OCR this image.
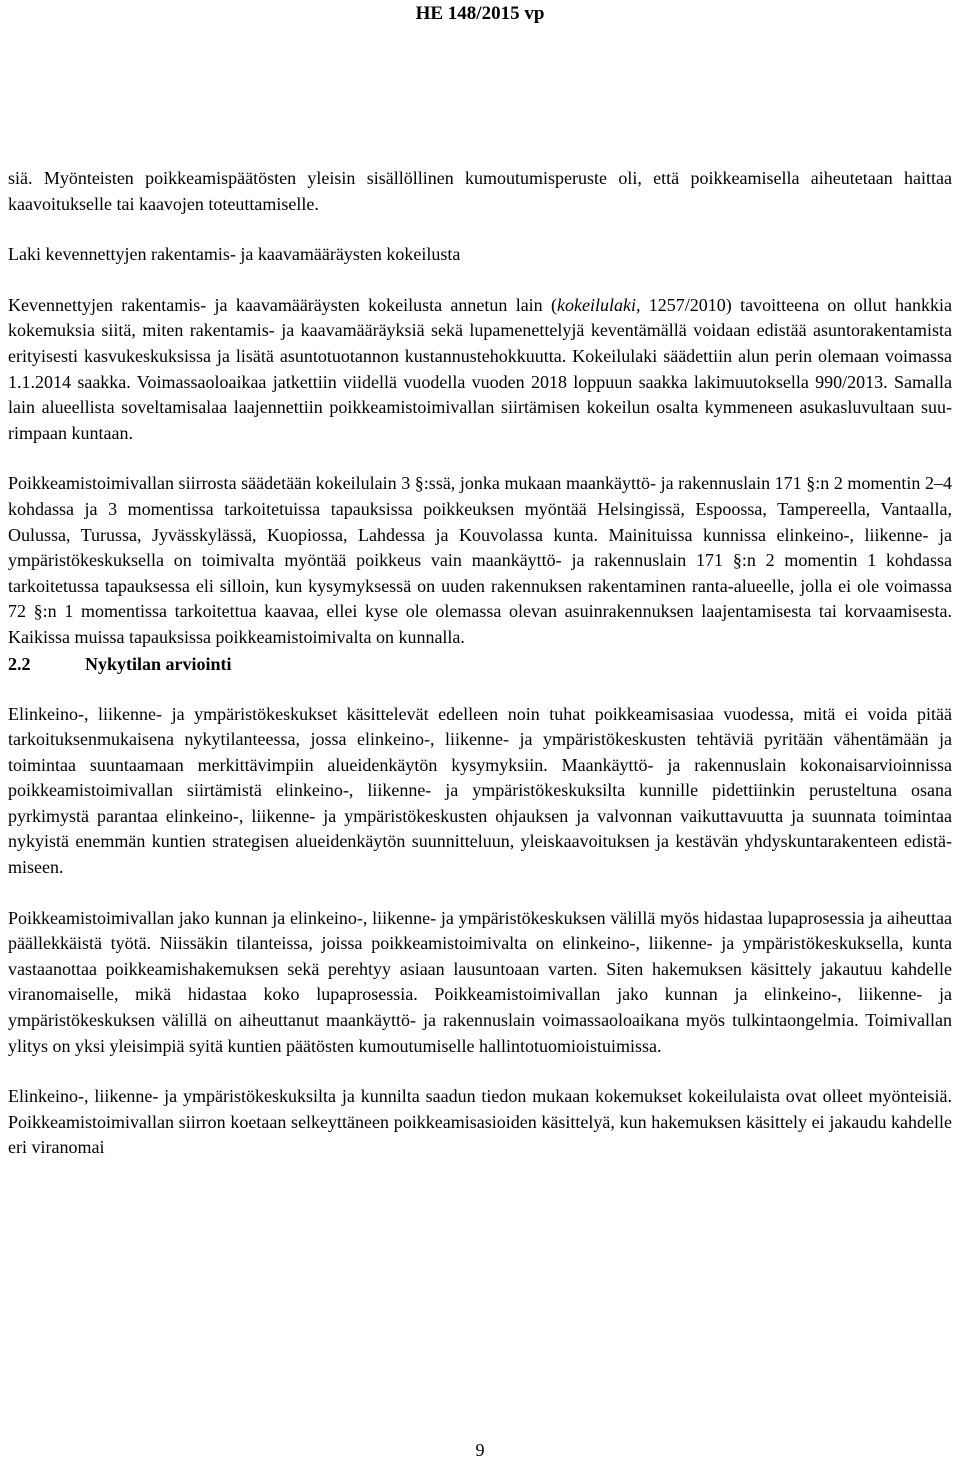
HE 148/2015 vp

siä. Myönteisten poikkeamispäätösten yleisin sisällöllinen kumoutumisperuste oli, että poikkeamisella aiheutetaan haittaa kaavoitukselle tai kaavojen toteuttamiselle.

Laki kevennettyjen rakentamis- ja kaavamääräysten kokeilusta

Kevennettyjen rakentamis- ja kaavamääräysten kokeilusta annetun lain (kokeilulaki, 1257/2010) tavoitteena on ollut hankkia kokemuksia siitä, miten rakentamis- ja kaavamääräyksiä sekä lupamenettelyjä keventämällä voidaan edistää asuntorakentamista erityisesti kasvukeskuksissa ja lisätä asuntotuotannon kustannustehokkuutta. Kokeilulaki säädettiin alun perin olemaan voimassa 1.1.2014 saakka. Voimassaoloaikaa jatkettiin viidellä vuodella vuoden 2018 loppuun saakka lakimuutoksella 990/2013. Samalla lain alueellista soveltamisalaa laajennettiin poikkeamistoimivallan siirtämisen kokeilun osalta kymmeneen asukasluvultaan suurimpaan kuntaan.

Poikkeamistoimivallan siirrosta säädetään kokeilulain 3 §:ssä, jonka mukaan maankäyttö- ja rakennuslain 171 §:n 2 momentin 2–4 kohdassa ja 3 momentissa tarkoitetuissa tapauksissa poikkeuksen myöntää Helsingissä, Espoossa, Tampereella, Vantaalla, Oulussa, Turussa, Jyvässkylässä, Kuopiossa, Lahdessa ja Kouvolassa kunta. Mainituissa kunnissa elinkeino-, liikenne- ja ympäristökeskuksella on toimivalta myöntää poikkeus vain maankäyttö- ja rakennuslain 171 §:n 2 momentin 1 kohdassa tarkoitetussa tapauksessa eli silloin, kun kysymyksessä on uuden rakennuksen rakentaminen ranta-alueelle, jolla ei ole voimassa 72 §:n 1 momentissa tarkoitettua kaavaa, ellei kyse ole olemassa olevan asuinrakennuksen laajentamisesta tai korvaamisesta. Kaikissa muissa tapauksissa poikkeamistoimivalta on kunnalla.

2.2	Nykytilan arviointi

Elinkeino-, liikenne- ja ympäristökeskukset käsittelevät edelleen noin tuhat poikkeamisasiaa vuodessa, mitä ei voida pitää tarkoituksenmukaisena nykytilanteessa, jossa elinkeino-, liikenne- ja ympäristökeskusten tehtäviä pyritään vähentämään ja toimintaa suuntaamaan merkittävimpiin alueidenkäytön kysymyksiin. Maankäyttö- ja rakennuslain kokonaisarvioinnissa poikkeamistoimivallan siirtämistä elinkeino-, liikenne- ja ympäristökeskuksilta kunnille pidettiinkin perusteltuna osana pyrkimystä parantaa elinkeino-, liikenne- ja ympäristökeskusten ohjauksen ja valvonnan vaikuttavuutta ja suunnata toimintaa nykyistä enemmän kuntien strategisen alueidenkäytön suunnitteluun, yleiskaavoituksen ja kestävän yhdyskuntarakenteen edistämiseen.

Poikkeamistoimivallan jako kunnan ja elinkeino-, liikenne- ja ympäristökeskuksen välillä myös hidastaa lupaprosessia ja aiheuttaa päällekkäistä työtä. Niissäkin tilanteissa, joissa poikkeamistoimivalta on elinkeino-, liikenne- ja ympäristökeskuksella, kunta vastaanottaa poikkeamishakemuksen sekä perehtyy asiaan lausuntoaan varten. Siten hakemuksen käsittely jakautuu kahdelle viranomaiselle, mikä hidastaa koko lupaprosessia. Poikkeamistoimivallan jako kunnan ja elinkeino-, liikenne- ja ympäristökeskuksen välillä on aiheuttanut maankäyttö- ja rakennuslain voimassaoloaikana myös tulkintaongelmia. Toimivallan ylitys on yksi yleisimpiä syitä kuntien päätösten kumoutumiselle hallintotuomioistuimissa.

Elinkeino-, liikenne- ja ympäristökeskuksilta ja kunnilta saadun tiedon mukaan kokemukset kokeilulaista ovat olleet myönteisiä. Poikkeamistoimivallan siirron koetaan selkeyttäneen poikkeamisasioiden käsittelyä, kun hakemuksen käsittely ei jakaudu kahdelle eri viranomai

9
